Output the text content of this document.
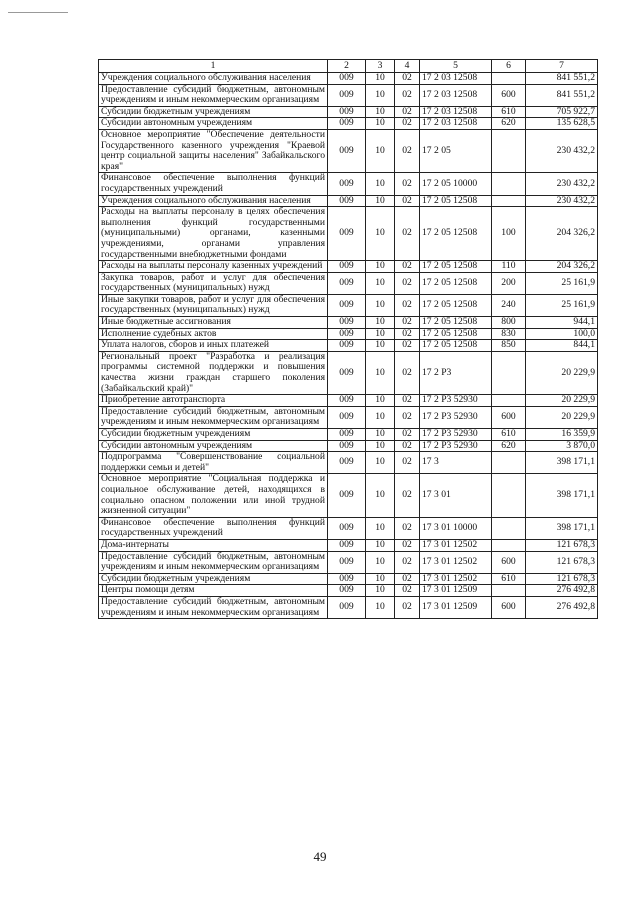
1	2	3	4	5	6	7
Учреждения социального обслуживания населения	009	10	02	17 2 03 12508		841 551,2
Предоставление субсидий бюджетным, автономным учреждениям и иным некоммерческим организациям	009	10	02	17 2 03 12508	600	841 551,2
Субсидии бюджетным учреждениям	009	10	02	17 2 03 12508	610	705 922,7
Субсидии автономным учреждениям	009	10	02	17 2 03 12508	620	135 628,5
Основное мероприятие "Обеспечение деятельности Государственного казенного учреждения "Краевой центр социальной защиты населения" Забайкальского края"	009	10	02	17 2 05		230 432,2
Финансовое обеспечение выполнения функций государственных учреждений	009	10	02	17 2 05 10000		230 432,2
Учреждения социального обслуживания населения	009	10	02	17 2 05 12508		230 432,2
Расходы на выплаты персоналу в целях обеспечения выполнения функций государственными (муниципальными) органами, казенными учреждениями, органами управления государственными внебюджетными фондами	009	10	02	17 2 05 12508	100	204 326,2
Расходы на выплаты персоналу казенных учреждений	009	10	02	17 2 05 12508	110	204 326,2
Закупка товаров, работ и услуг для обеспечения государственных (муниципальных) нужд	009	10	02	17 2 05 12508	200	25 161,9
Иные закупки товаров, работ и услуг для обеспечения государственных (муниципальных) нужд	009	10	02	17 2 05 12508	240	25 161,9
Иные бюджетные ассигнования	009	10	02	17 2 05 12508	800	944,1
Исполнение судебных актов	009	10	02	17 2 05 12508	830	100,0
Уплата налогов, сборов и иных платежей	009	10	02	17 2 05 12508	850	844,1
Региональный проект "Разработка и реализация программы системной поддержки и повышения качества жизни граждан старшего поколения (Забайкальский край)"	009	10	02	17 2 P3		20 229,9
Приобретение автотранспорта	009	10	02	17 2 P3 52930		20 229,9
Предоставление субсидий бюджетным, автономным учреждениям и иным некоммерческим организациям	009	10	02	17 2 P3 52930	600	20 229,9
Субсидии бюджетным учреждениям	009	10	02	17 2 P3 52930	610	16 359,9
Субсидии автономным учреждениям	009	10	02	17 2 P3 52930	620	3 870,0
Подпрограмма "Совершенствование социальной поддержки семьи и детей"	009	10	02	17 3		398 171,1
Основное мероприятие "Социальная поддержка и социальное обслуживание детей, находящихся в социально опасном положении или иной трудной жизненной ситуации"	009	10	02	17 3 01		398 171,1
Финансовое обеспечение выполнения функций государственных учреждений	009	10	02	17 3 01 10000		398 171,1
Дома-интернаты	009	10	02	17 3 01 12502		121 678,3
Предоставление субсидий бюджетным, автономным учреждениям и иным некоммерческим организациям	009	10	02	17 3 01 12502	600	121 678,3
Субсидии бюджетным учреждениям	009	10	02	17 3 01 12502	610	121 678,3
Центры помощи детям	009	10	02	17 3 01 12509		276 492,8
Предоставление субсидий бюджетным, автономным учреждениям и иным некоммерческим организациям	009	10	02	17 3 01 12509	600	276 492,8
49
